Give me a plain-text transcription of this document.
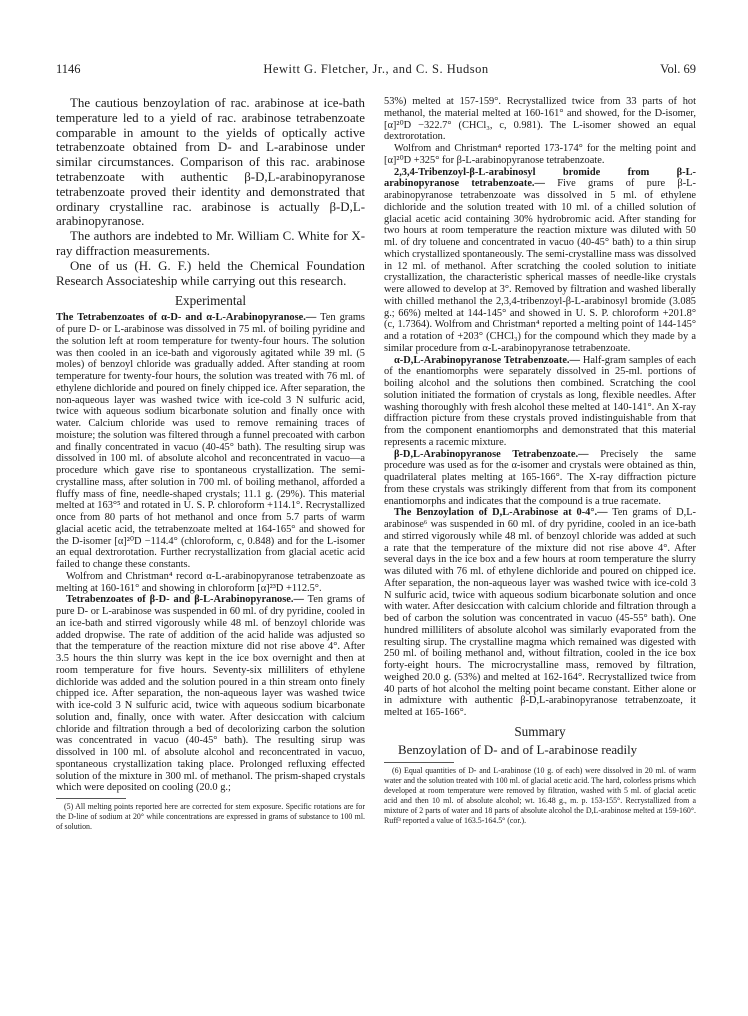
1146	Hewitt G. Fletcher, Jr., and C. S. Hudson	Vol. 69

The cautious benzoylation of rac. arabinose at ice-bath temperature led to a yield of rac. arabinose tetrabenzoate comparable in amount to the yields of optically active tetrabenzoate obtained from D- and L-arabinose under similar circumstances. Comparison of this rac. arabinose tetrabenzoate with authentic β-D,L-arabinopyranose tetrabenzoate proved their identity and demonstrated that ordinary crystalline rac. arabinose is actually β-D,L-arabinopyranose.

The authors are indebted to Mr. William C. White for X-ray diffraction measurements.

One of us (H. G. F.) held the Chemical Foundation Research Associateship while carrying out this research.

Experimental

The Tetrabenzoates of α-D- and α-L-Arabinopyranose.— Ten grams of pure D- or L-arabinose was dissolved in 75 ml. of boiling pyridine and the solution left at room temperature for twenty-four hours. The solution was then cooled in an ice-bath and vigorously agitated while 39 ml. (5 moles) of benzoyl chloride was gradually added. After standing at room temperature for twenty-four hours, the solution was treated with 76 ml. of ethylene dichloride and poured on finely chipped ice. After separation, the non-aqueous layer was washed twice with ice-cold 3 N sulfuric acid, twice with aqueous sodium bicarbonate solution and finally once with water. Calcium chloride was used to remove remaining traces of moisture; the solution was filtered through a funnel precoated with carbon and finally concentrated in vacuo (40-45° bath). The resulting sirup was dissolved in 100 ml. of absolute alcohol and reconcentrated in vacuo—a procedure which gave rise to spontaneous crystallization. The semi-crystalline mass, after solution in 700 ml. of boiling methanol, afforded a fluffy mass of fine, needle-shaped crystals; 11.1 g. (29%). This material melted at 163°⁵ and rotated in U. S. P. chloroform +114.1°. Recrystallized once from 80 parts of hot methanol and once from 5.7 parts of warm glacial acetic acid, the tetrabenzoate melted at 164-165° and showed for the D-isomer [α]²⁰D −114.4° (chloroform, c, 0.848) and for the L-isomer an equal dextrorotation. Further recrystallization from glacial acetic acid failed to change these constants.

Wolfrom and Christman⁴ record α-L-arabinopyranose tetrabenzoate as melting at 160-161° and showing in chloroform [α]²³D +112.5°.

Tetrabenzoates of β-D- and β-L-Arabinopyranose.— Ten grams of pure D- or L-arabinose was suspended in 60 ml. of dry pyridine, cooled in an ice-bath and stirred vigorously while 48 ml. of benzoyl chloride was added dropwise. The rate of addition of the acid halide was adjusted so that the temperature of the reaction mixture did not rise above 4°. After 3.5 hours the thin slurry was kept in the ice box overnight and then at room temperature for five hours. Seventy-six milliliters of ethylene dichloride was added and the solution poured in a thin stream onto finely chipped ice. After separation, the non-aqueous layer was washed twice with ice-cold 3 N sulfuric acid, twice with aqueous sodium bicarbonate solution and, finally, once with water. After desiccation with calcium chloride and filtration through a bed of decolorizing carbon the solution was concentrated in vacuo (40-45° bath). The resulting sirup was dissolved in 100 ml. of absolute alcohol and reconcentrated in vacuo, spontaneous crystallization taking place. Prolonged refluxing effected solution of the mixture in 300 ml. of methanol. The prism-shaped crystals which were deposited on cooling (20.0 g.;

(5) All melting points reported here are corrected for stem exposure. Specific rotations are for the D-line of sodium at 20° while concentrations are expressed in grams of substance to 100 ml. of solution.

53%) melted at 157-159°. Recrystallized twice from 33 parts of hot methanol, the material melted at 160-161° and showed, for the D-isomer, [α]²⁰D −322.7° (CHCl₃, c, 0.981). The L-isomer showed an equal dextrorotation.

Wolfrom and Christman⁴ reported 173-174° for the melting point and [α]²⁰D +325° for β-L-arabinopyranose tetrabenzoate.

2,3,4-Tribenzoyl-β-L-arabinosyl bromide from β-L-arabinopyranose tetrabenzoate.— Five grams of pure β-L-arabinopyranose tetrabenzoate was dissolved in 5 ml. of ethylene dichloride and the solution treated with 10 ml. of a chilled solution of glacial acetic acid containing 30% hydrobromic acid. After standing for two hours at room temperature the reaction mixture was diluted with 50 ml. of dry toluene and concentrated in vacuo (40-45° bath) to a thin sirup which crystallized spontaneously. The semi-crystalline mass was dissolved in 12 ml. of methanol. After scratching the cooled solution to initiate crystallization, the characteristic spherical masses of needle-like crystals were allowed to develop at 3°. Removed by filtration and washed liberally with chilled methanol the 2,3,4-tribenzoyl-β-L-arabinosyl bromide (3.085 g.; 66%) melted at 144-145° and showed in U. S. P. chloroform +201.8° (c, 1.7364). Wolfrom and Christman⁴ reported a melting point of 144-145° and a rotation of +203° (CHCl₃) for the compound which they made by a similar procedure from α-L-arabinopyranose tetrabenzoate.

α-D,L-Arabinopyranose Tetrabenzoate.— Half-gram samples of each of the enantiomorphs were separately dissolved in 25-ml. portions of boiling alcohol and the solutions then combined. Scratching the cool solution initiated the formation of crystals as long, flexible needles. After washing thoroughly with fresh alcohol these melted at 140-141°. An X-ray diffraction picture from these crystals proved indistinguishable from that from the component enantiomorphs and demonstrated that this material represents a racemic mixture.

β-D,L-Arabinopyranose Tetrabenzoate.— Precisely the same procedure was used as for the α-isomer and crystals were obtained as thin, quadrilateral plates melting at 165-166°. The X-ray diffraction picture from these crystals was strikingly different from that from its component enantiomorphs and indicates that the compound is a true racemate.

The Benzoylation of D,L-Arabinose at 0-4°.— Ten grams of D,L-arabinose⁶ was suspended in 60 ml. of dry pyridine, cooled in an ice-bath and stirred vigorously while 48 ml. of benzoyl chloride was added at such a rate that the temperature of the mixture did not rise above 4°. After several days in the ice box and a few hours at room temperature the slurry was diluted with 76 ml. of ethylene dichloride and poured on chipped ice. After separation, the non-aqueous layer was washed twice with ice-cold 3 N sulfuric acid, twice with aqueous sodium bicarbonate solution and once with water. After desiccation with calcium chloride and filtration through a bed of carbon the solution was concentrated in vacuo (45-55° bath). One hundred milliliters of absolute alcohol was similarly evaporated from the resulting sirup. The crystalline magma which remained was digested with 250 ml. of boiling methanol and, without filtration, cooled in the ice box forty-eight hours. The microcrystalline mass, removed by filtration, weighed 20.0 g. (53%) and melted at 162-164°. Recrystallized twice from 40 parts of hot alcohol the melting point became constant. Either alone or in admixture with authentic β-D,L-arabinopyranose tetrabenzoate, it melted at 165-166°.

Summary

Benzoylation of D- and of L-arabinose readily

(6) Equal quantities of D- and L-arabinose (10 g. of each) were dissolved in 20 ml. of warm water and the solution treated with 100 ml. of glacial acetic acid. The hard, colorless prisms which developed at room temperature were removed by filtration, washed with 5 ml. of glacial acetic acid and then 10 ml. of absolute alcohol; wt. 16.48 g., m. p. 153-155°. Recrystallized from a mixture of 2 parts of water and 18 parts of absolute alcohol the D,L-arabinose melted at 159-160°. Ruff³ reported a value of 163.5-164.5° (cor.).
